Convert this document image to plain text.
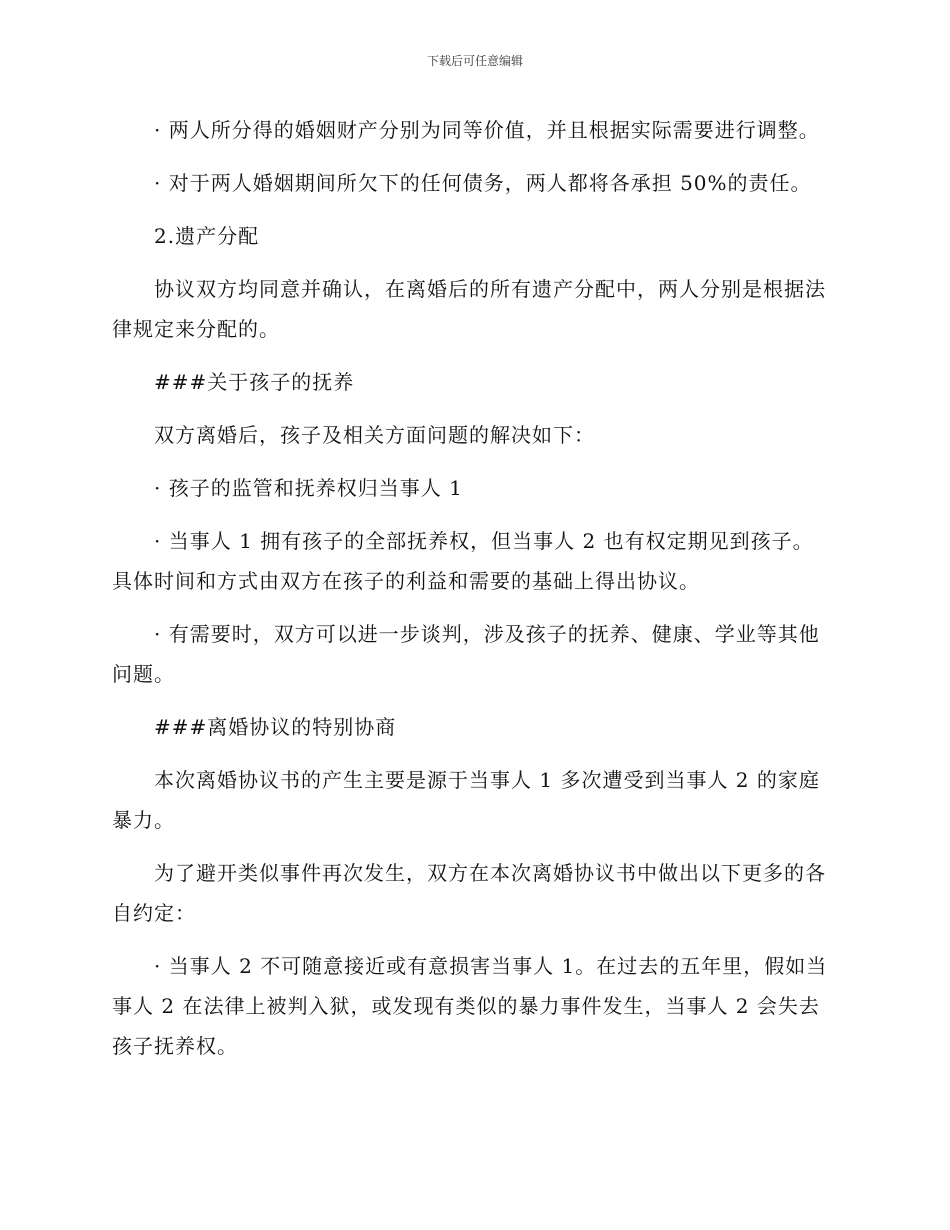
下载后可任意编辑

· 两人所分得的婚姻财产分别为同等价值，并且根据实际需要进行调整。

· 对于两人婚姻期间所欠下的任何债务，两人都将各承担 50%的责任。

2.遗产分配

协议双方均同意并确认，在离婚后的所有遗产分配中，两人分别是根据法律规定来分配的。

###关于孩子的抚养

双方离婚后，孩子及相关方面问题的解决如下：

· 孩子的监管和抚养权归当事人 1

· 当事人 1 拥有孩子的全部抚养权，但当事人 2 也有权定期见到孩子。具体时间和方式由双方在孩子的利益和需要的基础上得出协议。

· 有需要时，双方可以进一步谈判，涉及孩子的抚养、健康、学业等其他问题。

###离婚协议的特别协商

本次离婚协议书的产生主要是源于当事人 1 多次遭受到当事人 2 的家庭暴力。

为了避开类似事件再次发生，双方在本次离婚协议书中做出以下更多的各自约定：

· 当事人 2 不可随意接近或有意损害当事人 1。在过去的五年里，假如当事人 2 在法律上被判入狱，或发现有类似的暴力事件发生，当事人 2 会失去孩子抚养权。
